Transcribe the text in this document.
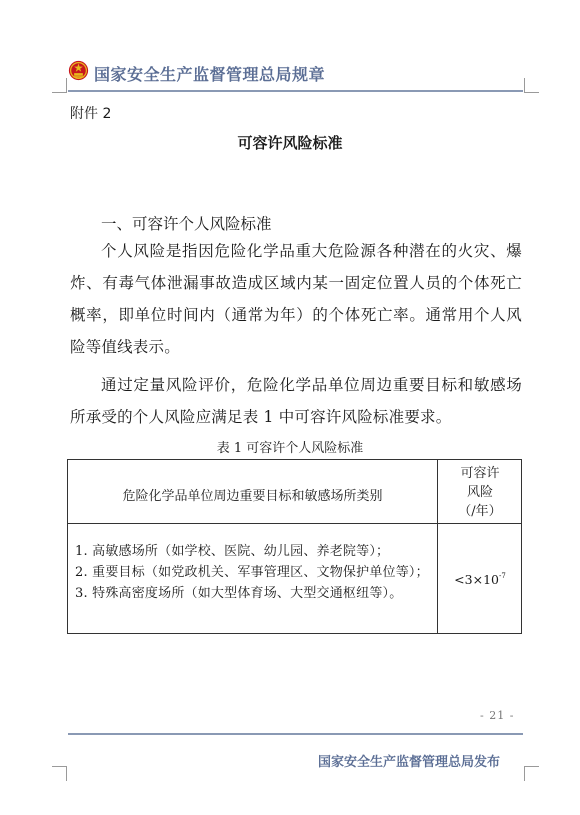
国家安全生产监督管理总局规章
附件 2
可容许风险标准
一、可容许个人风险标准

个人风险是指因危险化学品重大危险源各种潜在的火灾、爆炸、有毒气体泄漏事故造成区域内某一固定位置人员的个体死亡概率，即单位时间内（通常为年）的个体死亡率。通常用个人风险等值线表示。

通过定量风险评价，危险化学品单位周边重要目标和敏感场所承受的个人风险应满足表 1 中可容许风险标准要求。

表 1 可容许个人风险标准
危险化学品单位周边重要目标和敏感场所类别
可容许
风险
（/年）
1. 高敏感场所（如学校、医院、幼儿园、养老院等）；
2. 重要目标（如党政机关、军事管理区、文物保护单位等）；
3. 特殊高密度场所（如大型体育场、大型交通枢纽等）。
$<3\times 10^{-7}$
- 21 -
国家安全生产监督管理总局发布
